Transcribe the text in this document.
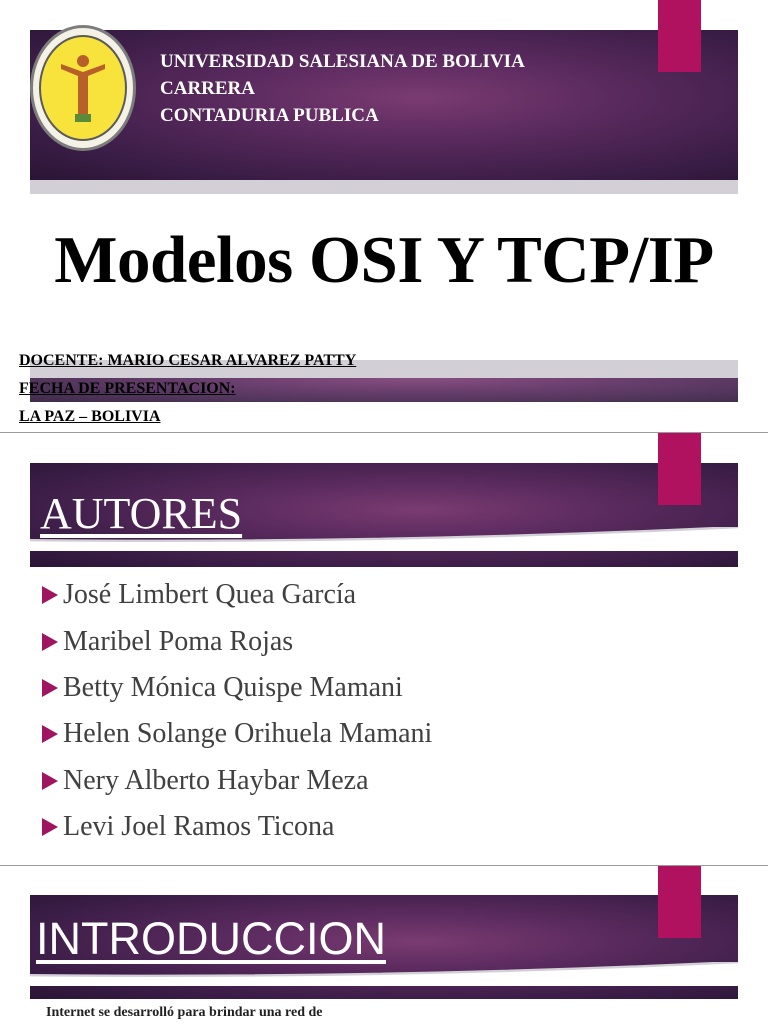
UNIVERSIDAD SALESIANA DE BOLIVIA
CARRERA
CONTADURIA PUBLICA
Modelos OSI Y TCP/IP
DOCENTE: MARIO CESAR ALVAREZ PATTY
FECHA DE PRESENTACION:
LA PAZ – BOLIVIA
AUTORES
José Limbert Quea García
Maribel Poma Rojas
Betty Mónica Quispe Mamani
Helen Solange Orihuela Mamani
Nery Alberto Haybar Meza
Levi Joel Ramos Ticona
INTRODUCCION
Internet se desarrolló para brindar una red de
